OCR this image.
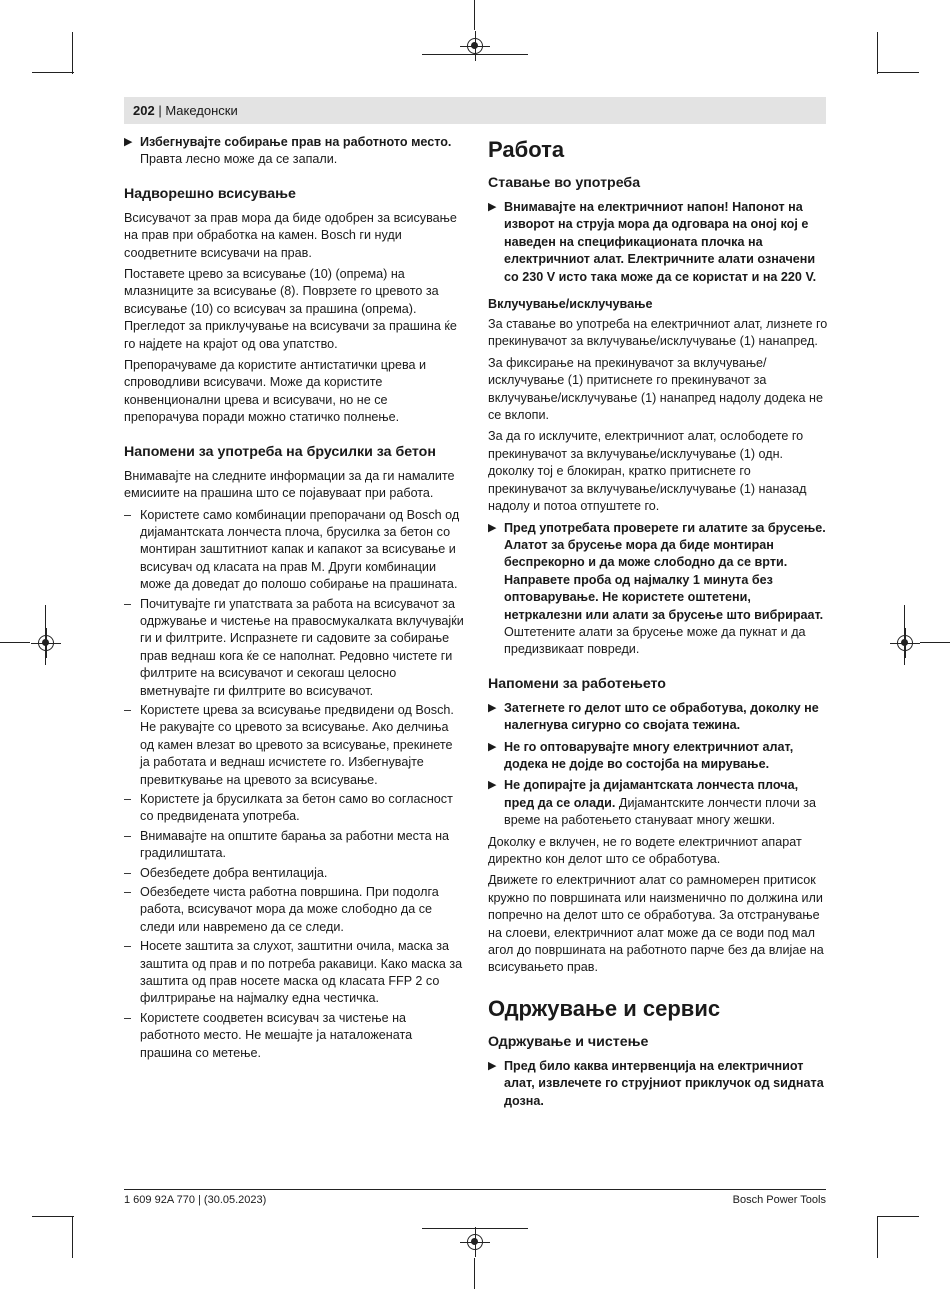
202 | Македонски
▶ Избегнувајте собирање прав на работното место. Правта лесно може да се запали.
Надворешно всисување

Всисувачот за прав мора да биде одобрен за всисување на прав при обработка на камен. Bosch ги нуди соодветните всисувачи на прав.

Поставете црево за всисување (10) (опрема) на млазниците за всисување (8). Поврзете го цревото за всисување (10) со всисувач за прашина (опрема). Прегледот за приклучување на всисувачи за прашина ќе го најдете на крајот од ова упатство.

Препорачуваме да користите антистатички црева и спроводливи всисувачи. Може да користите конвенционални црева и всисувачи, но не се препорачува поради можно статичко полнење.

Напомени за употреба на брусилки за бетон

Внимавајте на следните информации за да ги намалите емисиите на прашина што се појавуваат при работа.

– Користете само комбинации препорачани од Bosch од дијамантската лончеста плоча, брусилка за бетон со монтиран заштитниот капак и капакот за всисување и всисувач од класата на прав M. Други комбинации може да доведат до полошо собирање на прашината.
– Почитувајте ги упатствата за работа на всисувачот за одржување и чистење на правосмукалката вклучувајќи ги и филтрите. Испразнете ги садовите за собирање прав веднаш кога ќе се наполнат. Редовно чистете ги филтрите на всисувачот и секогаш целосно вметнувајте ги филтрите во всисувачот.
– Користете црева за всисување предвидени од Bosch. Не ракувајте со цревото за всисување. Ако делчиња од камен влезат во цревото за всисување, прекинете ја работата и веднаш исчистете го. Избегнувајте превиткување на цревото за всисување.
– Користете ја брусилката за бетон само во согласност со предвидената употреба.
– Внимавајте на општите барања за работни места на градилиштата.
– Обезбедете добра вентилација.
– Обезбедете чиста работна површина. При подолга работа, всисувачот мора да може слободно да се следи или навремено да се следи.
– Носете заштита за слухот, заштитни очила, маска за заштита од прав и по потреба ракавици. Како маска за заштита од прав носете маска од класата FFP 2 со филтрирање на најмалку една честичка.
– Користете соодветен всисувач за чистење на работното место. Не мешајте ја наталожената прашина со метење.
Работа
Ставање во употреба
▶ Внимавајте на електричниот напон! Напонот на изворот на струја мора да одговара на оној кој е наведен на спецификационата плочка на електричниот алат. Електричните алати означени со 230 V исто така може да се користат и на 220 V.
Вклучување/исклучување

За ставање во употреба на електричниот алат, лизнете го прекинувачот за вклучување/исклучување (1) нанапред.

За фиксирање на прекинувачот за вклучување/ исклучување (1) притиснете го прекинувачот за вклучување/исклучување (1) нанапред надолу додека не се вклопи.

За да го исклучите, електричниот алат, ослободете го прекинувачот за вклучување/исклучување (1) одн. доколку тој е блокиран, кратко притиснете го прекинувачот за вклучување/исклучување (1) наназад надолу и потоа отпуштете го.

▶ Пред употребата проверете ги алатите за брусење. Алатот за брусење мора да биде монтиран беспрекорно и да може слободно да се врти. Направете проба од најмалку 1 минута без оптоварување. Не користете оштетени, нетркалезни или алати за брусење што вибрираат. Оштетените алати за брусење може да пукнат и да предизвикаат повреди.
Напомени за работењето
▶ Затегнете го делот што се обработува, доколку не налегнува сигурно со својата тежина.
▶ Не го оптоварувајте многу електричниот алат, додека не дојде во состојба на мирување.
▶ Не допирајте ја дијамантската лончеста плоча, пред да се олади. Дијамантските лончести плочи за време на работењето стануваат многу жешки.

Доколку е вклучен, не го водете електричниот апарат директно кон делот што се обработува.

Движете го електричниот алат со рамномерен притисок кружно по површината или наизменично по должина или попречно на делот што се обработува. За отстранување на слоеви, електричниот алат може да се води под мал агол до површината на работното парче без да влијае на всисувањето прав.

Одржување и сервис
Одржување и чистење
▶ Пред било каква интервенција на електричниот алат, извлечете го струјниот приклучок од ѕидната дозна.
1 609 92A 770 | (30.05.2023)	Bosch Power Tools
